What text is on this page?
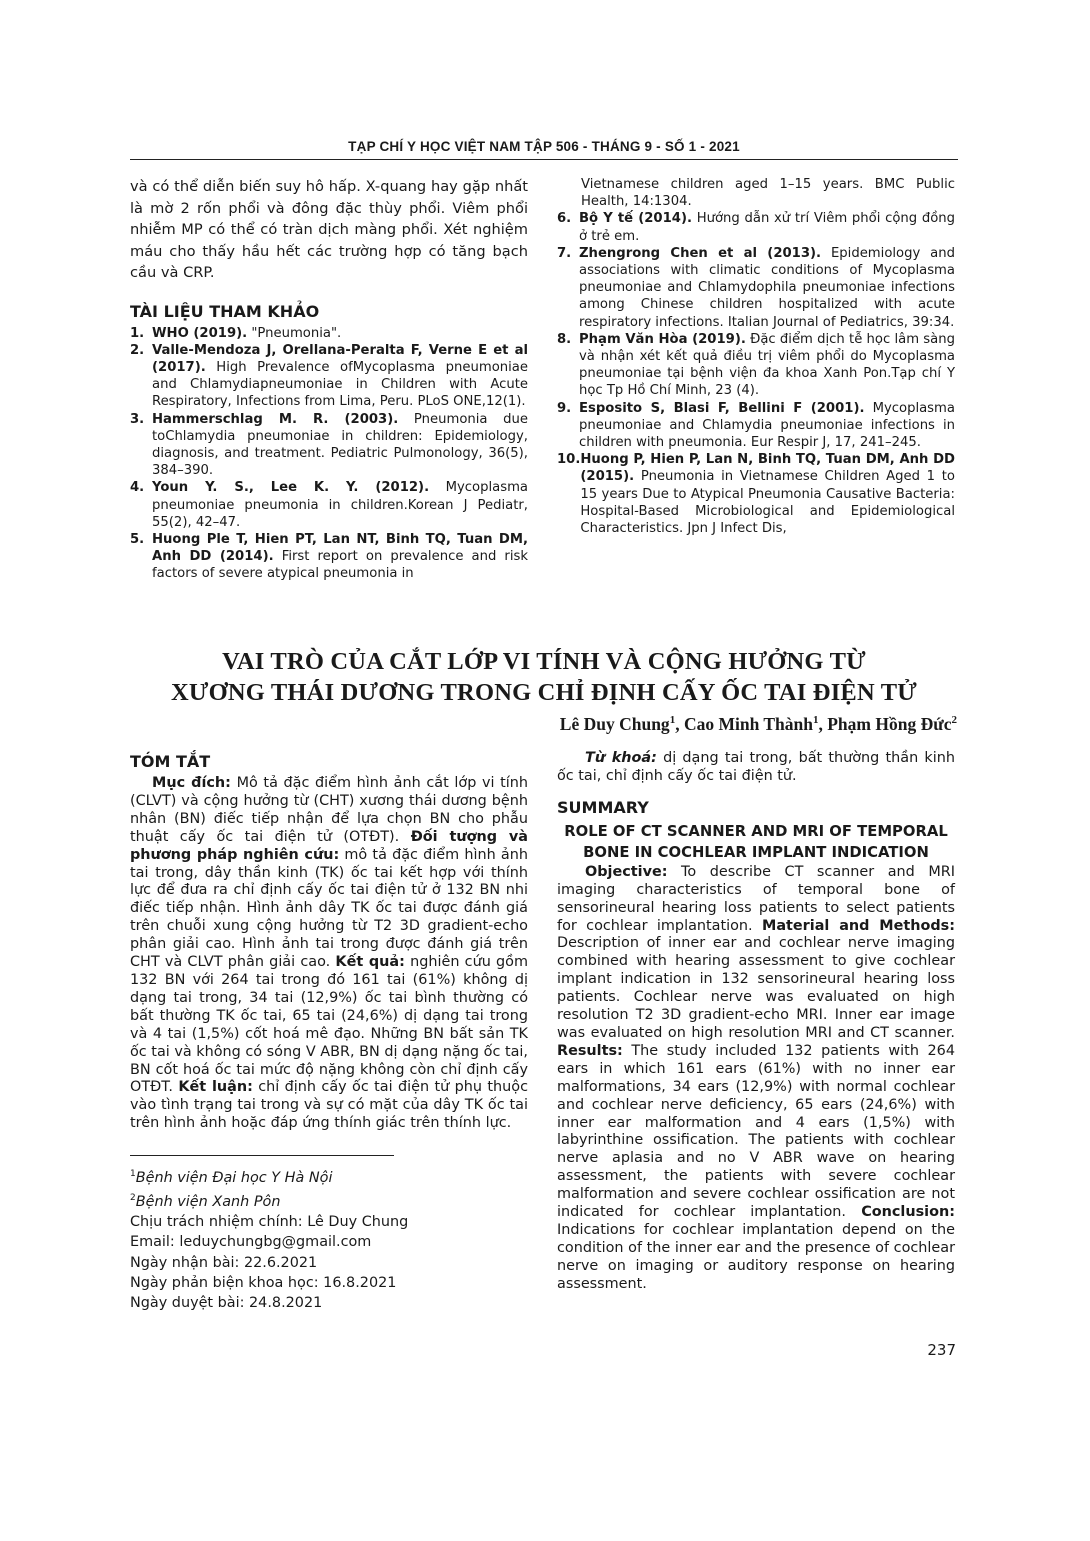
TẠP CHÍ Y HỌC VIỆT NAM TẬP 506 - THÁNG 9 - SỐ 1 - 2021

và có thể diễn biến suy hô hấp. X-quang hay gặp nhất là mờ 2 rốn phổi và đông đặc thùy phổi. Viêm phổi nhiễm MP có thể có tràn dịch màng phổi. Xét nghiệm máu cho thấy hầu hết các trường hợp có tăng bạch cầu và CRP.

TÀI LIỆU THAM KHẢO
1. WHO (2019). "Pneumonia".
2. Valle-Mendoza J, Orellana-Peralta F, Verne E et al (2017). High Prevalence ofMycoplasma pneumoniae and Chlamydiapneumoniae in Children with Acute Respiratory, Infections from Lima, Peru. PLoS ONE,12(1).
3. Hammerschlag M. R. (2003). Pneumonia due toChlamydia pneumoniae in children: Epidemiology, diagnosis, and treatment. Pediatric Pulmonology, 36(5), 384–390.
4. Youn Y. S., Lee K. Y. (2012). Mycoplasma pneumoniae pneumonia in children.Korean J Pediatr, 55(2), 42–47.
5. Huong Ple T, Hien PT, Lan NT, Binh TQ, Tuan DM, Anh DD (2014). First report on prevalence and risk factors of severe atypical pneumonia in
Vietnamese children aged 1–15 years. BMC Public Health, 14:1304.
6. Bộ Y tế (2014). Hướng dẫn xử trí Viêm phổi cộng đồng ở trẻ em.
7. Zhengrong Chen et al (2013). Epidemiology and associations with climatic conditions of Mycoplasma pneumoniae and Chlamydophila pneumoniae infections among Chinese children hospitalized with acute respiratory infections. Italian Journal of Pediatrics, 39:34.
8. Phạm Văn Hòa (2019). Đặc điểm dịch tễ học lâm sàng và nhận xét kết quả điều trị viêm phổi do Mycoplasma pneumoniae tại bệnh viện đa khoa Xanh Pon.Tạp chí Y học Tp Hồ Chí Minh, 23 (4).
9. Esposito S, Blasi F, Bellini F (2001). Mycoplasma pneumoniae and Chlamydia pneumoniae infections in children with pneumonia. Eur Respir J, 17, 241–245.
10. Huong P, Hien P, Lan N, Binh TQ, Tuan DM, Anh DD (2015). Pneumonia in Vietnamese Children Aged 1 to 15 years Due to Atypical Pneumonia Causative Bacteria: Hospital-Based Microbiological and Epidemiological Characteristics. Jpn J Infect Dis,
VAI TRÒ CỦA CẮT LỚP VI TÍNH VÀ CỘNG HƯỞNG TỪ
XƯƠNG THÁI DƯƠNG TRONG CHỈ ĐỊNH CẤY ỐC TAI ĐIỆN TỬ
Lê Duy Chung$^1$, Cao Minh Thành$^1$, Phạm Hồng Đức$^2$
TÓM TẮT

Mục đích: Mô tả đặc điểm hình ảnh cắt lớp vi tính (CLVT) và cộng hưởng từ (CHT) xương thái dương bệnh nhân (BN) điếc tiếp nhận để lựa chọn BN cho phẫu thuật cấy ốc tai điện tử (OTĐT). Đối tượng và phương pháp nghiên cứu: mô tả đặc điểm hình ảnh tai trong, dây thần kinh (TK) ốc tai kết hợp với thính lực để đưa ra chỉ định cấy ốc tai điện tử ở 132 BN nhi điếc tiếp nhận. Hình ảnh dây TK ốc tai được đánh giá trên chuỗi xung cộng hưởng từ T2 3D gradient-echo phân giải cao. Hình ảnh tai trong được đánh giá trên CHT và CLVT phân giải cao. Kết quả: nghiên cứu gồm 132 BN với 264 tai trong đó 161 tai (61%) không dị dạng tai trong, 34 tai (12,9%) ốc tai bình thường có bất thường TK ốc tai, 65 tai (24,6%) dị dạng tai trong và 4 tai (1,5%) cốt hoá mê đạo. Những BN bất sản TK ốc tai và không có sóng V ABR, BN dị dạng nặng ốc tai, BN cốt hoá ốc tai mức độ nặng không còn chỉ định cấy OTĐT. Kết luận: chỉ định cấy ốc tai điện tử phụ thuộc vào tình trạng tai trong và sự có mặt của dây TK ốc tai trên hình ảnh hoặc đáp ứng thính giác trên thính lực.

$^1$Bệnh viện Đại học Y Hà Nội

$^2$Bệnh viện Xanh Pôn

Chịu trách nhiệm chính: Lê Duy Chung

Email: leduychungbg@gmail.com

Ngày nhận bài: 22.6.2021

Ngày phản biện khoa học: 16.8.2021

Ngày duyệt bài: 24.8.2021

Từ khoá: dị dạng tai trong, bất thường thần kinh ốc tai, chỉ định cấy ốc tai điện tử.

SUMMARY
ROLE OF CT SCANNER AND MRI OF TEMPORAL BONE IN COCHLEAR IMPLANT INDICATION

Objective: To describe CT scanner and MRI imaging characteristics of temporal bone of sensorineural hearing loss patients to select patients for cochlear implantation. Material and Methods: Description of inner ear and cochlear nerve imaging combined with hearing assessment to give cochlear implant indication in 132 sensorineural hearing loss patients. Cochlear nerve was evaluated on high resolution T2 3D gradient-echo MRI. Inner ear image was evaluated on high resolution MRI and CT scanner. Results: The study included 132 patients with 264 ears in which 161 ears (61%) with no inner ear malformations, 34 ears (12,9%) with normal cochlear and cochlear nerve deficiency, 65 ears (24,6%) with inner ear malformation and 4 ears (1,5%) with labyrinthine ossification. The patients with cochlear nerve aplasia and no V ABR wave on hearing assessment, the patients with severe cochlear malformation and severe cochlear ossification are not indicated for cochlear implantation. Conclusion: Indications for cochlear implantation depend on the condition of the inner ear and the presence of cochlear nerve on imaging or auditory response on hearing assessment.

237
